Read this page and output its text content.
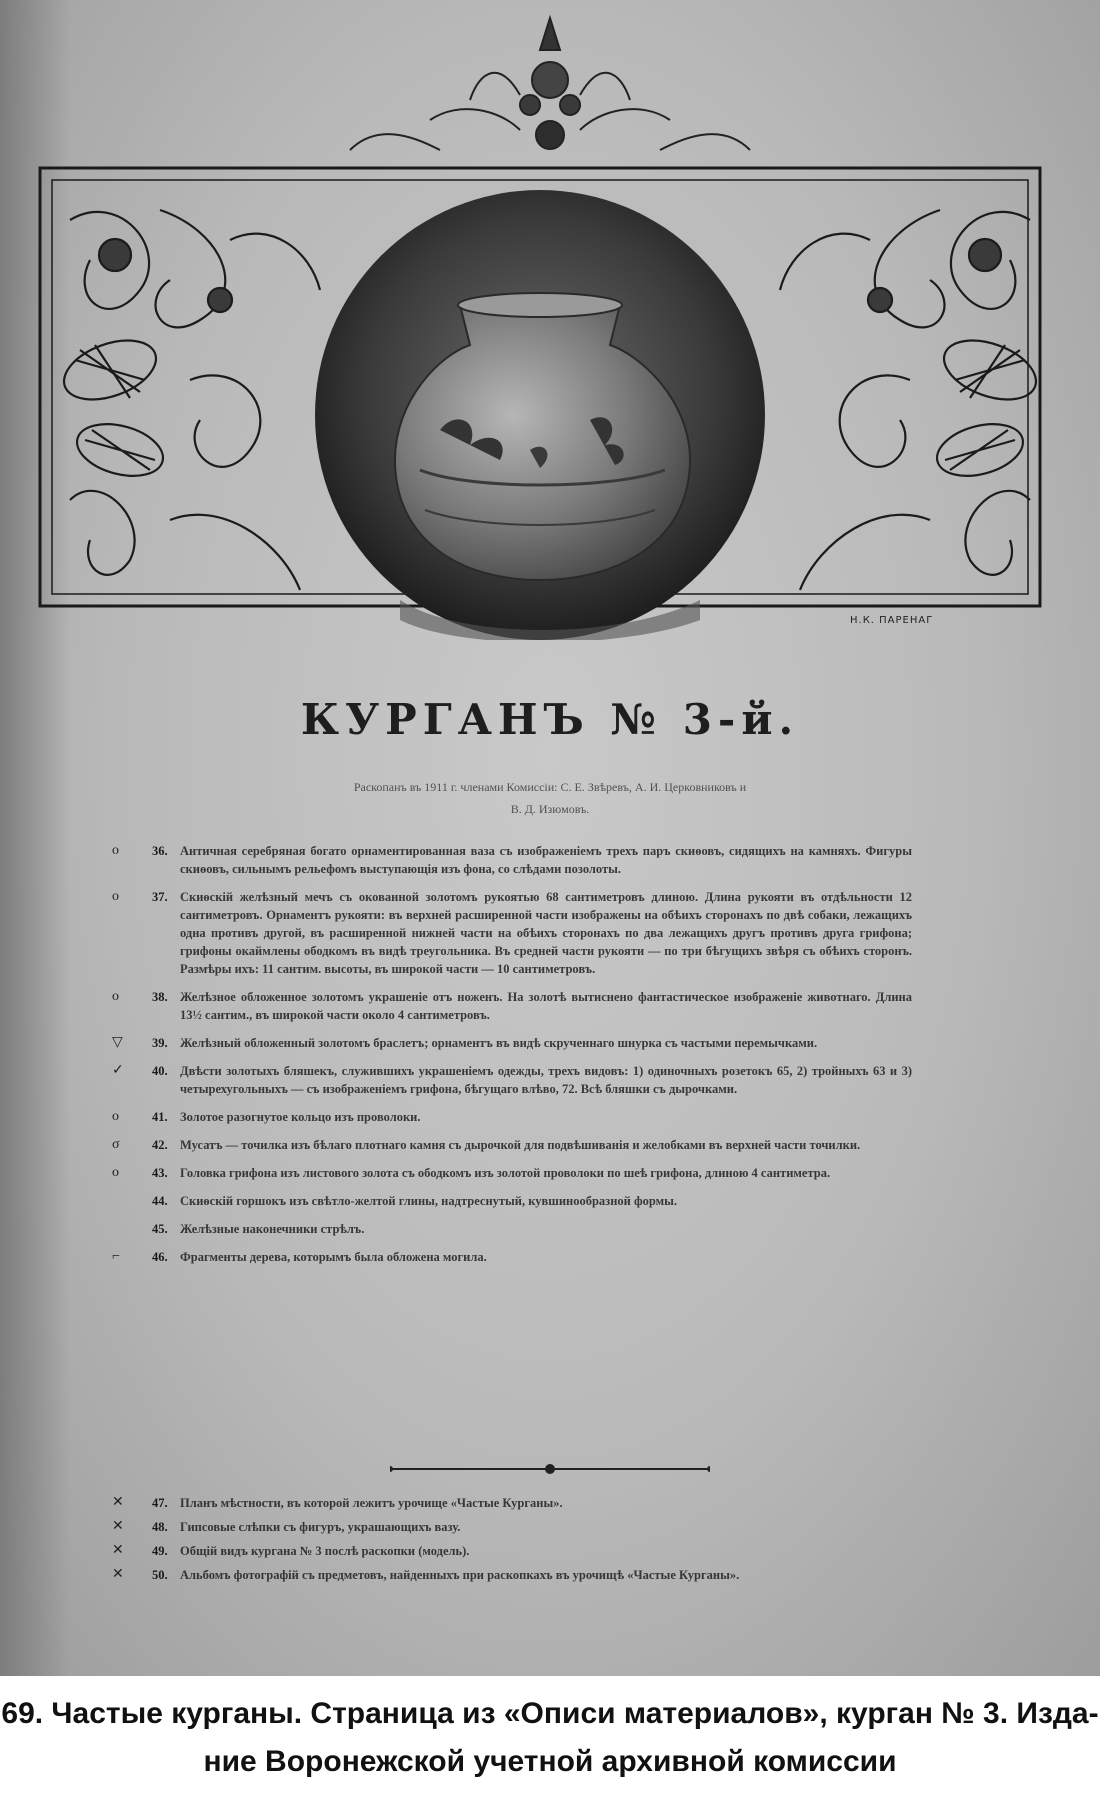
Н.К. ПАРЕНАГ
КУРГАНЪ № 3-й.
Раскопанъ въ 1911 г. членами Комиссіи: С. Е. Звѣревъ, А. И. Церковниковъ и
В. Д. Изюмовъ.
o	36. Античная серебряная богато орнаментированная ваза съ изображеніемъ трехъ паръ скиѳовъ, сидящихъ на камняхъ. Фигуры скиѳовъ, сильнымъ рельефомъ выступающія изъ фона, со слѣдами позолоты.
o	37. Скиѳскій желѣзный мечъ съ окованной золотомъ рукоятью 68 сантиметровъ длиною. Длина рукояти въ отдѣльности 12 сантиметровъ. Орнаментъ рукояти: въ верхней расширенной части изображены на обѣихъ сторонахъ по двѣ собаки, лежащихъ одна противъ другой, въ расширенной нижней части на обѣихъ сторонахъ по два лежащихъ другъ противъ друга грифона; грифоны окаймлены ободкомъ въ видѣ треугольника. Въ средней части рукояти — по три бѣгущихъ звѣря съ обѣихъ сторонъ. Размѣры ихъ: 11 сантим. высоты, въ широкой части — 10 сантиметровъ.
o	38. Желѣзное обложенное золотомъ украшеніе отъ ноженъ. На золотѣ вытиснено фантастическое изображеніе животнаго. Длина 13½ сантим., въ широкой части около 4 сантиметровъ.
▽	39. Желѣзный обложенный золотомъ браслетъ; орнаментъ въ видѣ скрученнаго шнурка съ частыми перемычками.
✓	40. Двѣсти золотыхъ бляшекъ, служившихъ украшеніемъ одежды, трехъ видовъ: 1) одиночныхъ розетокъ 65, 2) тройныхъ 63 и 3) четырехугольныхъ — съ изображеніемъ грифона, бѣгущаго влѣво, 72. Всѣ бляшки съ дырочками.
o	41. Золотое разогнутое кольцо изъ проволоки.
σ	42. Мусатъ — точилка изъ бѣлаго плотнаго камня съ дырочкой для подвѣшиванія и желобками въ верхней части точилки.
o	43. Головка грифона изъ листового золота съ ободкомъ изъ золотой проволоки по шеѣ грифона, длиною 4 сантиметра.
44. Скиѳскій горшокъ изъ свѣтло-желтой глины, надтреснутый, кувшинообразной формы.
45. Желѣзные наконечники стрѣлъ.
⌐	46. Фрагменты дерева, которымъ была обложена могила.
✕	47. Планъ мѣстности, въ которой лежитъ урочище «Частые Курганы».
✕	48. Гипсовые слѣпки съ фигуръ, украшающихъ вазу.
✕	49. Общій видъ кургана № 3 послѣ раскопки (модель).
✕	50. Альбомъ фотографій съ предметовъ, найденныхъ при раскопкахъ въ урочищѣ «Частые Курганы».
69. Частые курганы. Страница из «Описи материалов», курган № 3. Изда-
ние Воронежской учетной архивной комиссии
